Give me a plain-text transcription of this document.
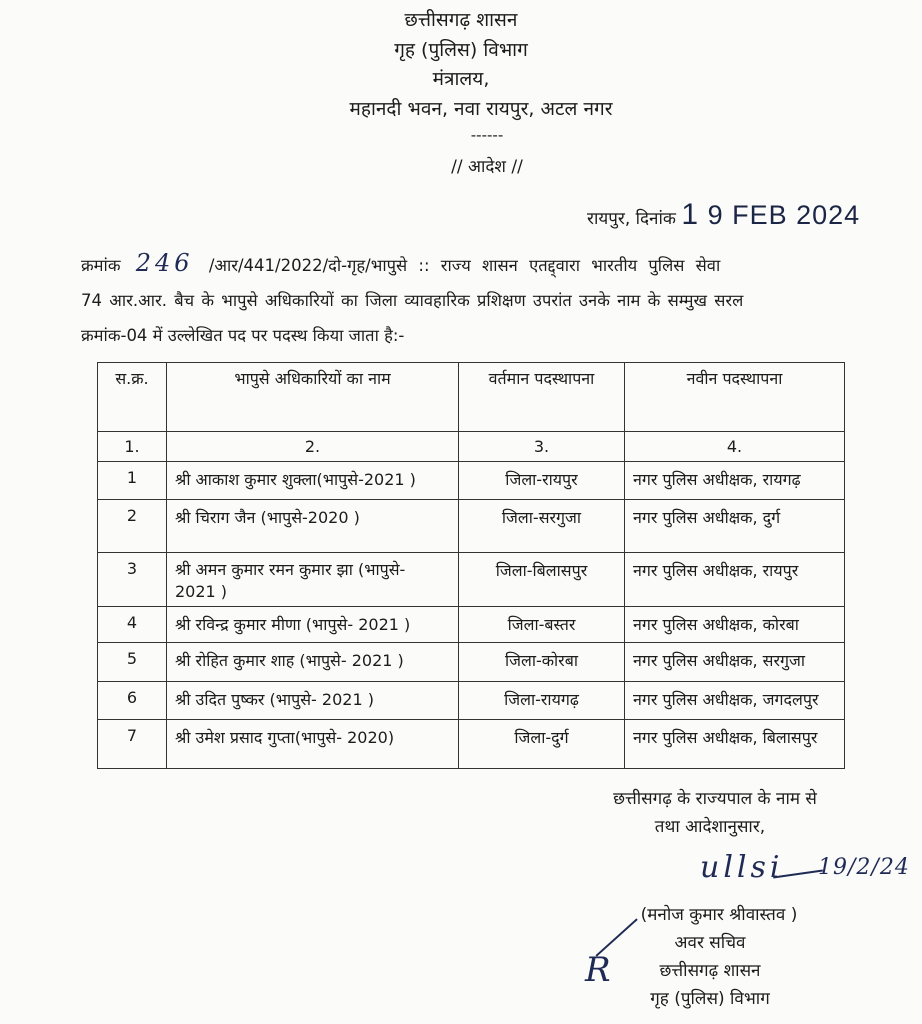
छत्तीसगढ़ शासन
गृह (पुलिस) विभाग
मंत्रालय,
महानदी भवन, नवा रायपुर, अटल नगर
------
// आदेश //
रायपुर, दिनांक 1 9 FEB 2024
क्रमांक 246 /आर/441/2022/दो-गृह/भापुसे :: राज्य शासन एतद्द्वारा भारतीय पुलिस सेवा
74 आर.आर. बैच के भापुसे अधिकारियों का जिला व्यावहारिक प्रशिक्षण उपरांत उनके नाम के सम्मुख सरल
क्रमांक-04 में उल्लेखित पद पर पदस्थ किया जाता है:-
स.क्र.	भापुसे अधिकारियों का नाम	वर्तमान पदस्थापना	नवीन पदस्थापना
1.	2.	3.	4.
1	श्री आकाश कुमार शुक्ला(भापुसे-2021 )	जिला-रायपुर	नगर पुलिस अधीक्षक, रायगढ़
2	श्री चिराग जैन (भापुसे-2020 )	जिला-सरगुजा	नगर पुलिस अधीक्षक, दुर्ग
3	श्री अमन कुमार रमन कुमार झा (भापुसे- 2021 )	जिला-बिलासपुर	नगर पुलिस अधीक्षक, रायपुर
4	श्री रविन्द्र कुमार मीणा (भापुसे- 2021 )	जिला-बस्तर	नगर पुलिस अधीक्षक, कोरबा
5	श्री रोहित कुमार शाह (भापुसे- 2021 )	जिला-कोरबा	नगर पुलिस अधीक्षक, सरगुजा
6	श्री उदित पुष्कर (भापुसे- 2021 )	जिला-रायगढ़	नगर पुलिस अधीक्षक, जगदलपुर
7	श्री उमेश प्रसाद गुप्ता(भापुसे- 2020)	जिला-दुर्ग	नगर पुलिस अधीक्षक, बिलासपुर
छत्तीसगढ़ के राज्यपाल के नाम से
तथा आदेशानुसार,
ullsi 19/2/24
(मनोज कुमार श्रीवास्तव )
अवर सचिव
छत्तीसगढ़ शासन
गृह (पुलिस) विभाग
R
